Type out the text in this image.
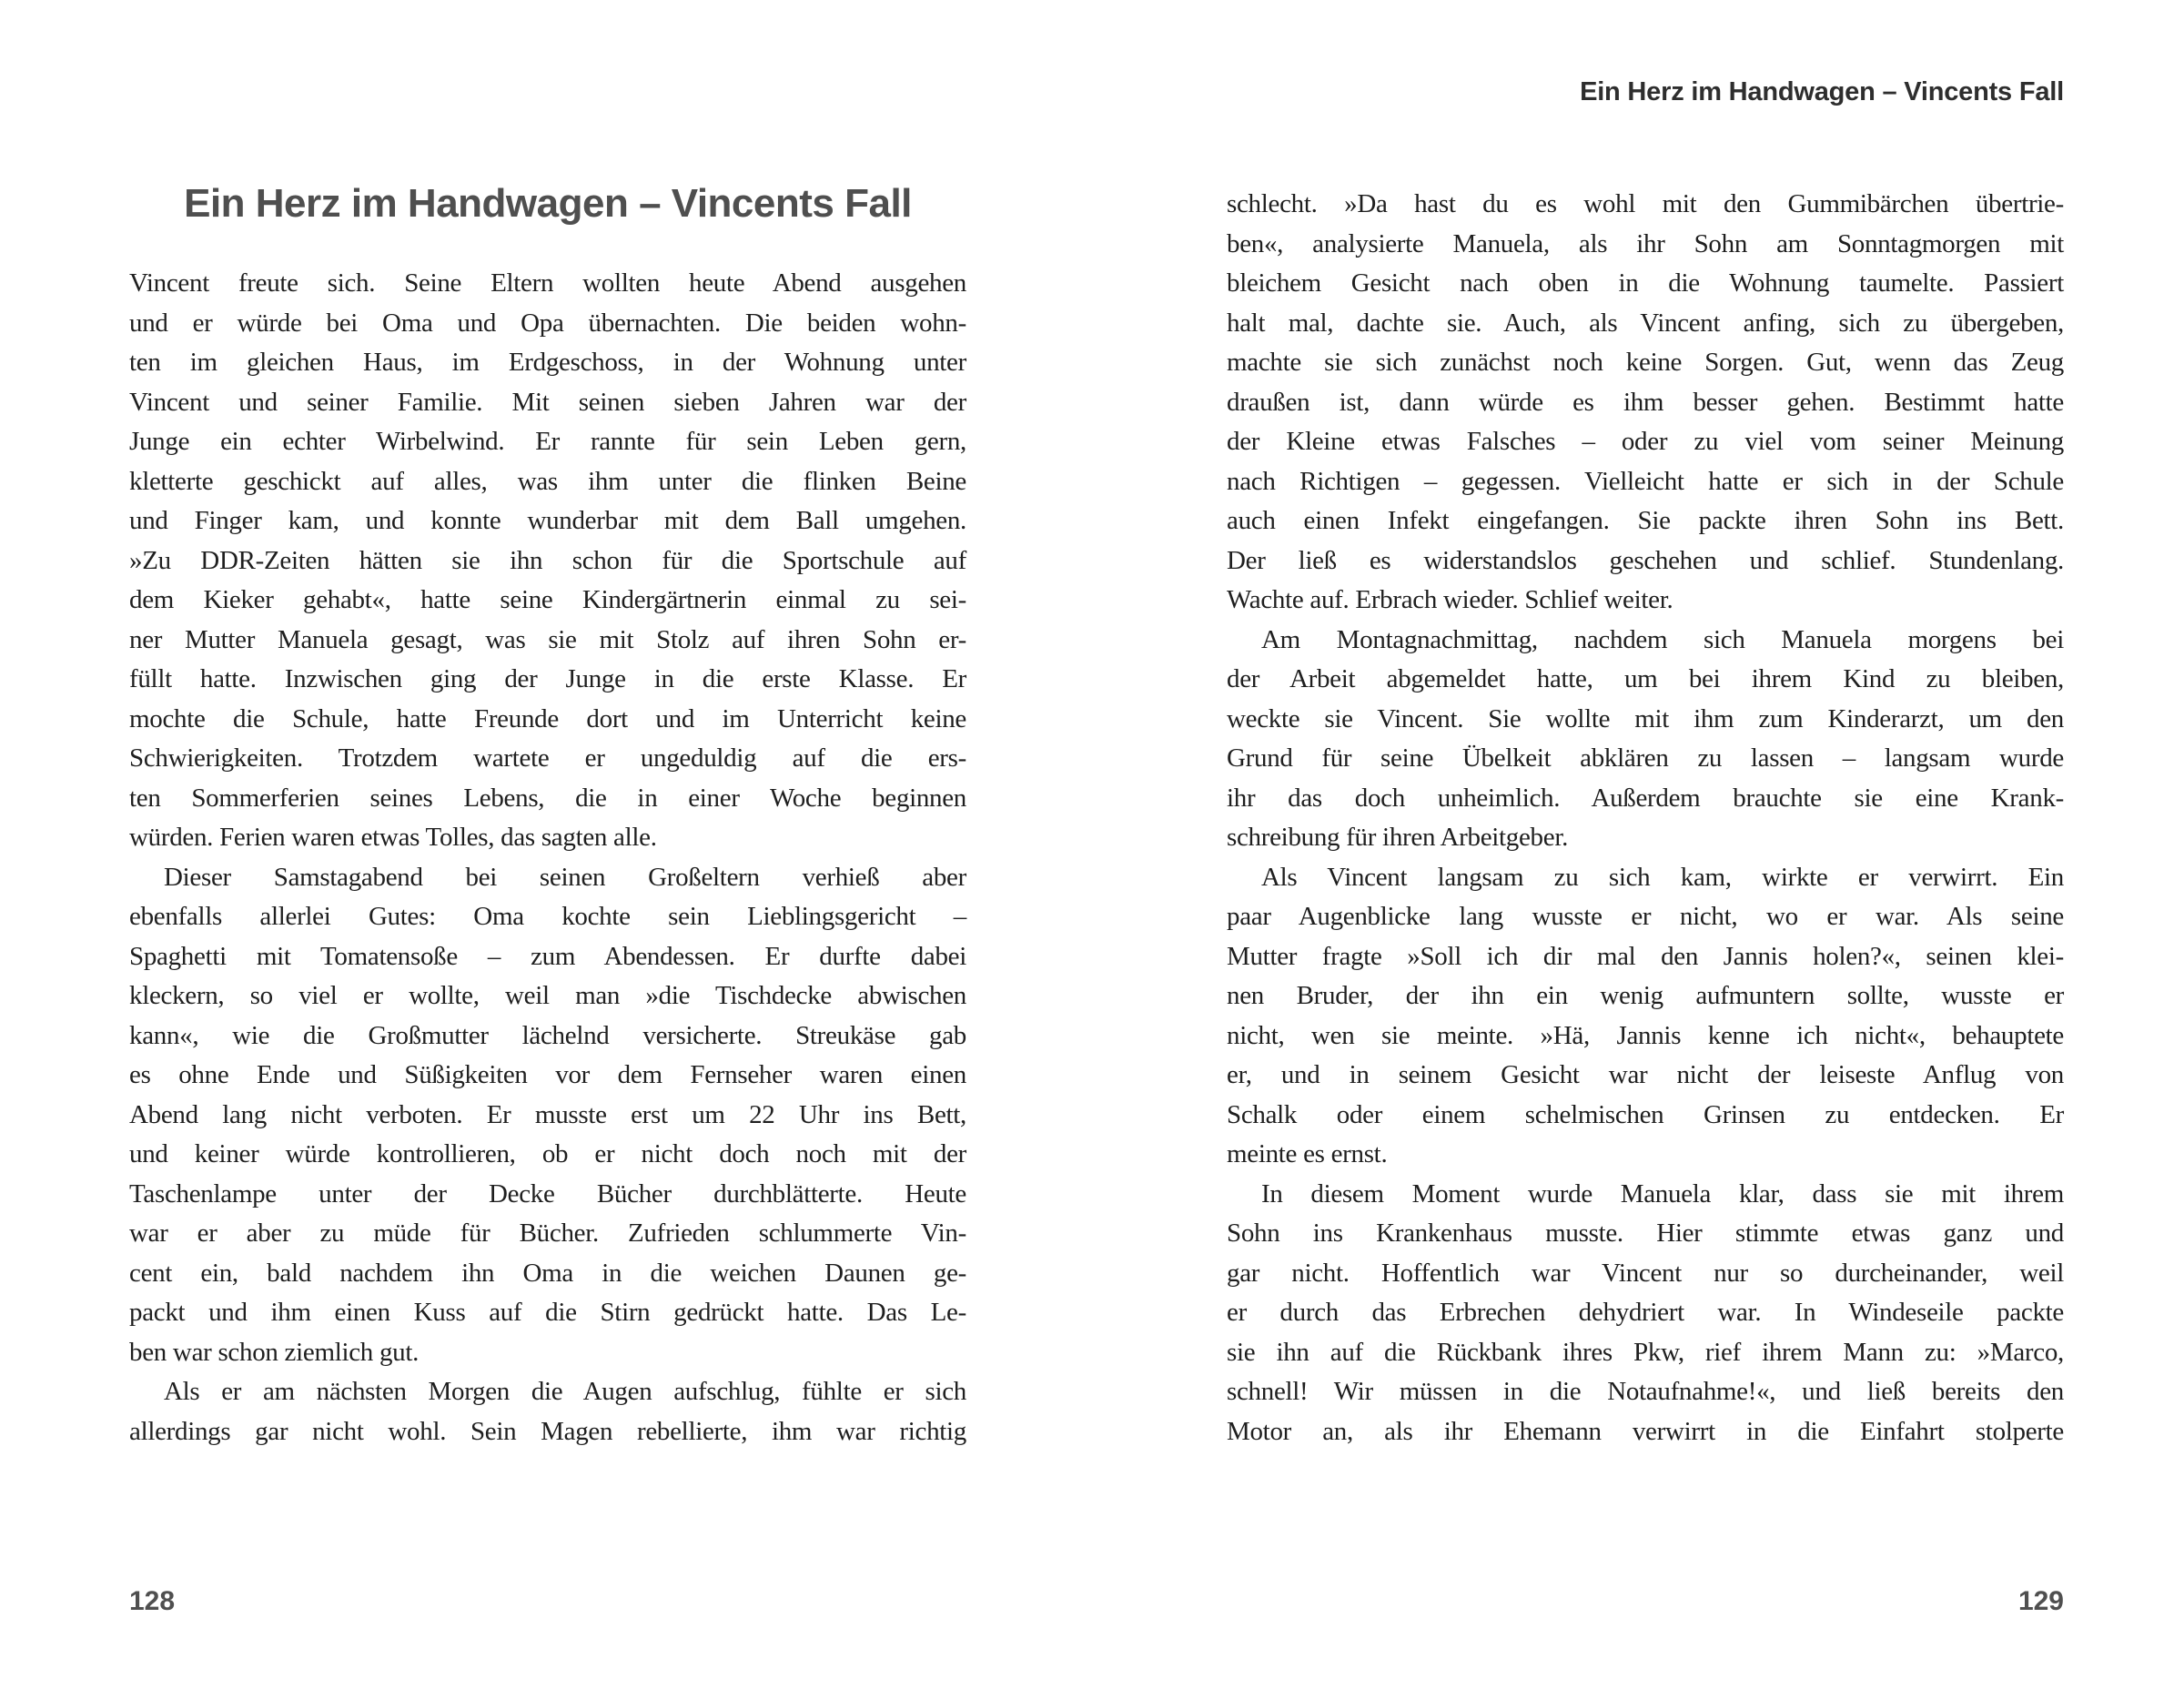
Ein Herz im Handwagen – Vincents Fall
Vincent freute sich. Seine Eltern wollten heute Abend ausgehen
und er würde bei Oma und Opa übernachten. Die beiden wohn-
ten im gleichen Haus, im Erdgeschoss, in der Wohnung unter
Vincent und seiner Familie. Mit seinen sieben Jahren war der
Junge ein echter Wirbelwind. Er rannte für sein Leben gern,
kletterte geschickt auf alles, was ihm unter die flinken Beine
und Finger kam, und konnte wunderbar mit dem Ball umgehen.
»Zu DDR-Zeiten hätten sie ihn schon für die Sportschule auf
dem Kieker gehabt«, hatte seine Kindergärtnerin einmal zu sei-
ner Mutter Manuela gesagt, was sie mit Stolz auf ihren Sohn er-
füllt hatte. Inzwischen ging der Junge in die erste Klasse. Er
mochte die Schule, hatte Freunde dort und im Unterricht keine
Schwierigkeiten. Trotzdem wartete er ungeduldig auf die ers-
ten Sommerferien seines Lebens, die in einer Woche beginnen
würden. Ferien waren etwas Tolles, das sagten alle.
Dieser Samstagabend bei seinen Großeltern verhieß aber
ebenfalls allerlei Gutes: Oma kochte sein Lieblingsgericht –
Spaghetti mit Tomatensoße – zum Abendessen. Er durfte dabei
kleckern, so viel er wollte, weil man »die Tischdecke abwischen
kann«, wie die Großmutter lächelnd versicherte. Streukäse gab
es ohne Ende und Süßigkeiten vor dem Fernseher waren einen
Abend lang nicht verboten. Er musste erst um 22 Uhr ins Bett,
und keiner würde kontrollieren, ob er nicht doch noch mit der
Taschenlampe unter der Decke Bücher durchblätterte. Heute
war er aber zu müde für Bücher. Zufrieden schlummerte Vin-
cent ein, bald nachdem ihn Oma in die weichen Daunen ge-
packt und ihm einen Kuss auf die Stirn gedrückt hatte. Das Le-
ben war schon ziemlich gut.
Als er am nächsten Morgen die Augen aufschlug, fühlte er sich
allerdings gar nicht wohl. Sein Magen rebellierte, ihm war richtig
128
Ein Herz im Handwagen – Vincents Fall
schlecht. »Da hast du es wohl mit den Gummibärchen übertrie-
ben«, analysierte Manuela, als ihr Sohn am Sonntagmorgen mit
bleichem Gesicht nach oben in die Wohnung taumelte. Passiert
halt mal, dachte sie. Auch, als Vincent anfing, sich zu übergeben,
machte sie sich zunächst noch keine Sorgen. Gut, wenn das Zeug
draußen ist, dann würde es ihm besser gehen. Bestimmt hatte
der Kleine etwas Falsches – oder zu viel vom seiner Meinung
nach Richtigen – gegessen. Vielleicht hatte er sich in der Schule
auch einen Infekt eingefangen. Sie packte ihren Sohn ins Bett.
Der ließ es widerstandslos geschehen und schlief. Stundenlang.
Wachte auf. Erbrach wieder. Schlief weiter.
Am Montagnachmittag, nachdem sich Manuela morgens bei
der Arbeit abgemeldet hatte, um bei ihrem Kind zu bleiben,
weckte sie Vincent. Sie wollte mit ihm zum Kinderarzt, um den
Grund für seine Übelkeit abklären zu lassen – langsam wurde
ihr das doch unheimlich. Außerdem brauchte sie eine Krank-
schreibung für ihren Arbeitgeber.
Als Vincent langsam zu sich kam, wirkte er verwirrt. Ein
paar Augenblicke lang wusste er nicht, wo er war. Als seine
Mutter fragte »Soll ich dir mal den Jannis holen?«, seinen klei-
nen Bruder, der ihn ein wenig aufmuntern sollte, wusste er
nicht, wen sie meinte. »Hä, Jannis kenne ich nicht«, behauptete
er, und in seinem Gesicht war nicht der leiseste Anflug von
Schalk oder einem schelmischen Grinsen zu entdecken. Er
meinte es ernst.
In diesem Moment wurde Manuela klar, dass sie mit ihrem
Sohn ins Krankenhaus musste. Hier stimmte etwas ganz und
gar nicht. Hoffentlich war Vincent nur so durcheinander, weil
er durch das Erbrechen dehydriert war. In Windeseile packte
sie ihn auf die Rückbank ihres Pkw, rief ihrem Mann zu: »Marco,
schnell! Wir müssen in die Notaufnahme!«, und ließ bereits den
Motor an, als ihr Ehemann verwirrt in die Einfahrt stolperte
129
